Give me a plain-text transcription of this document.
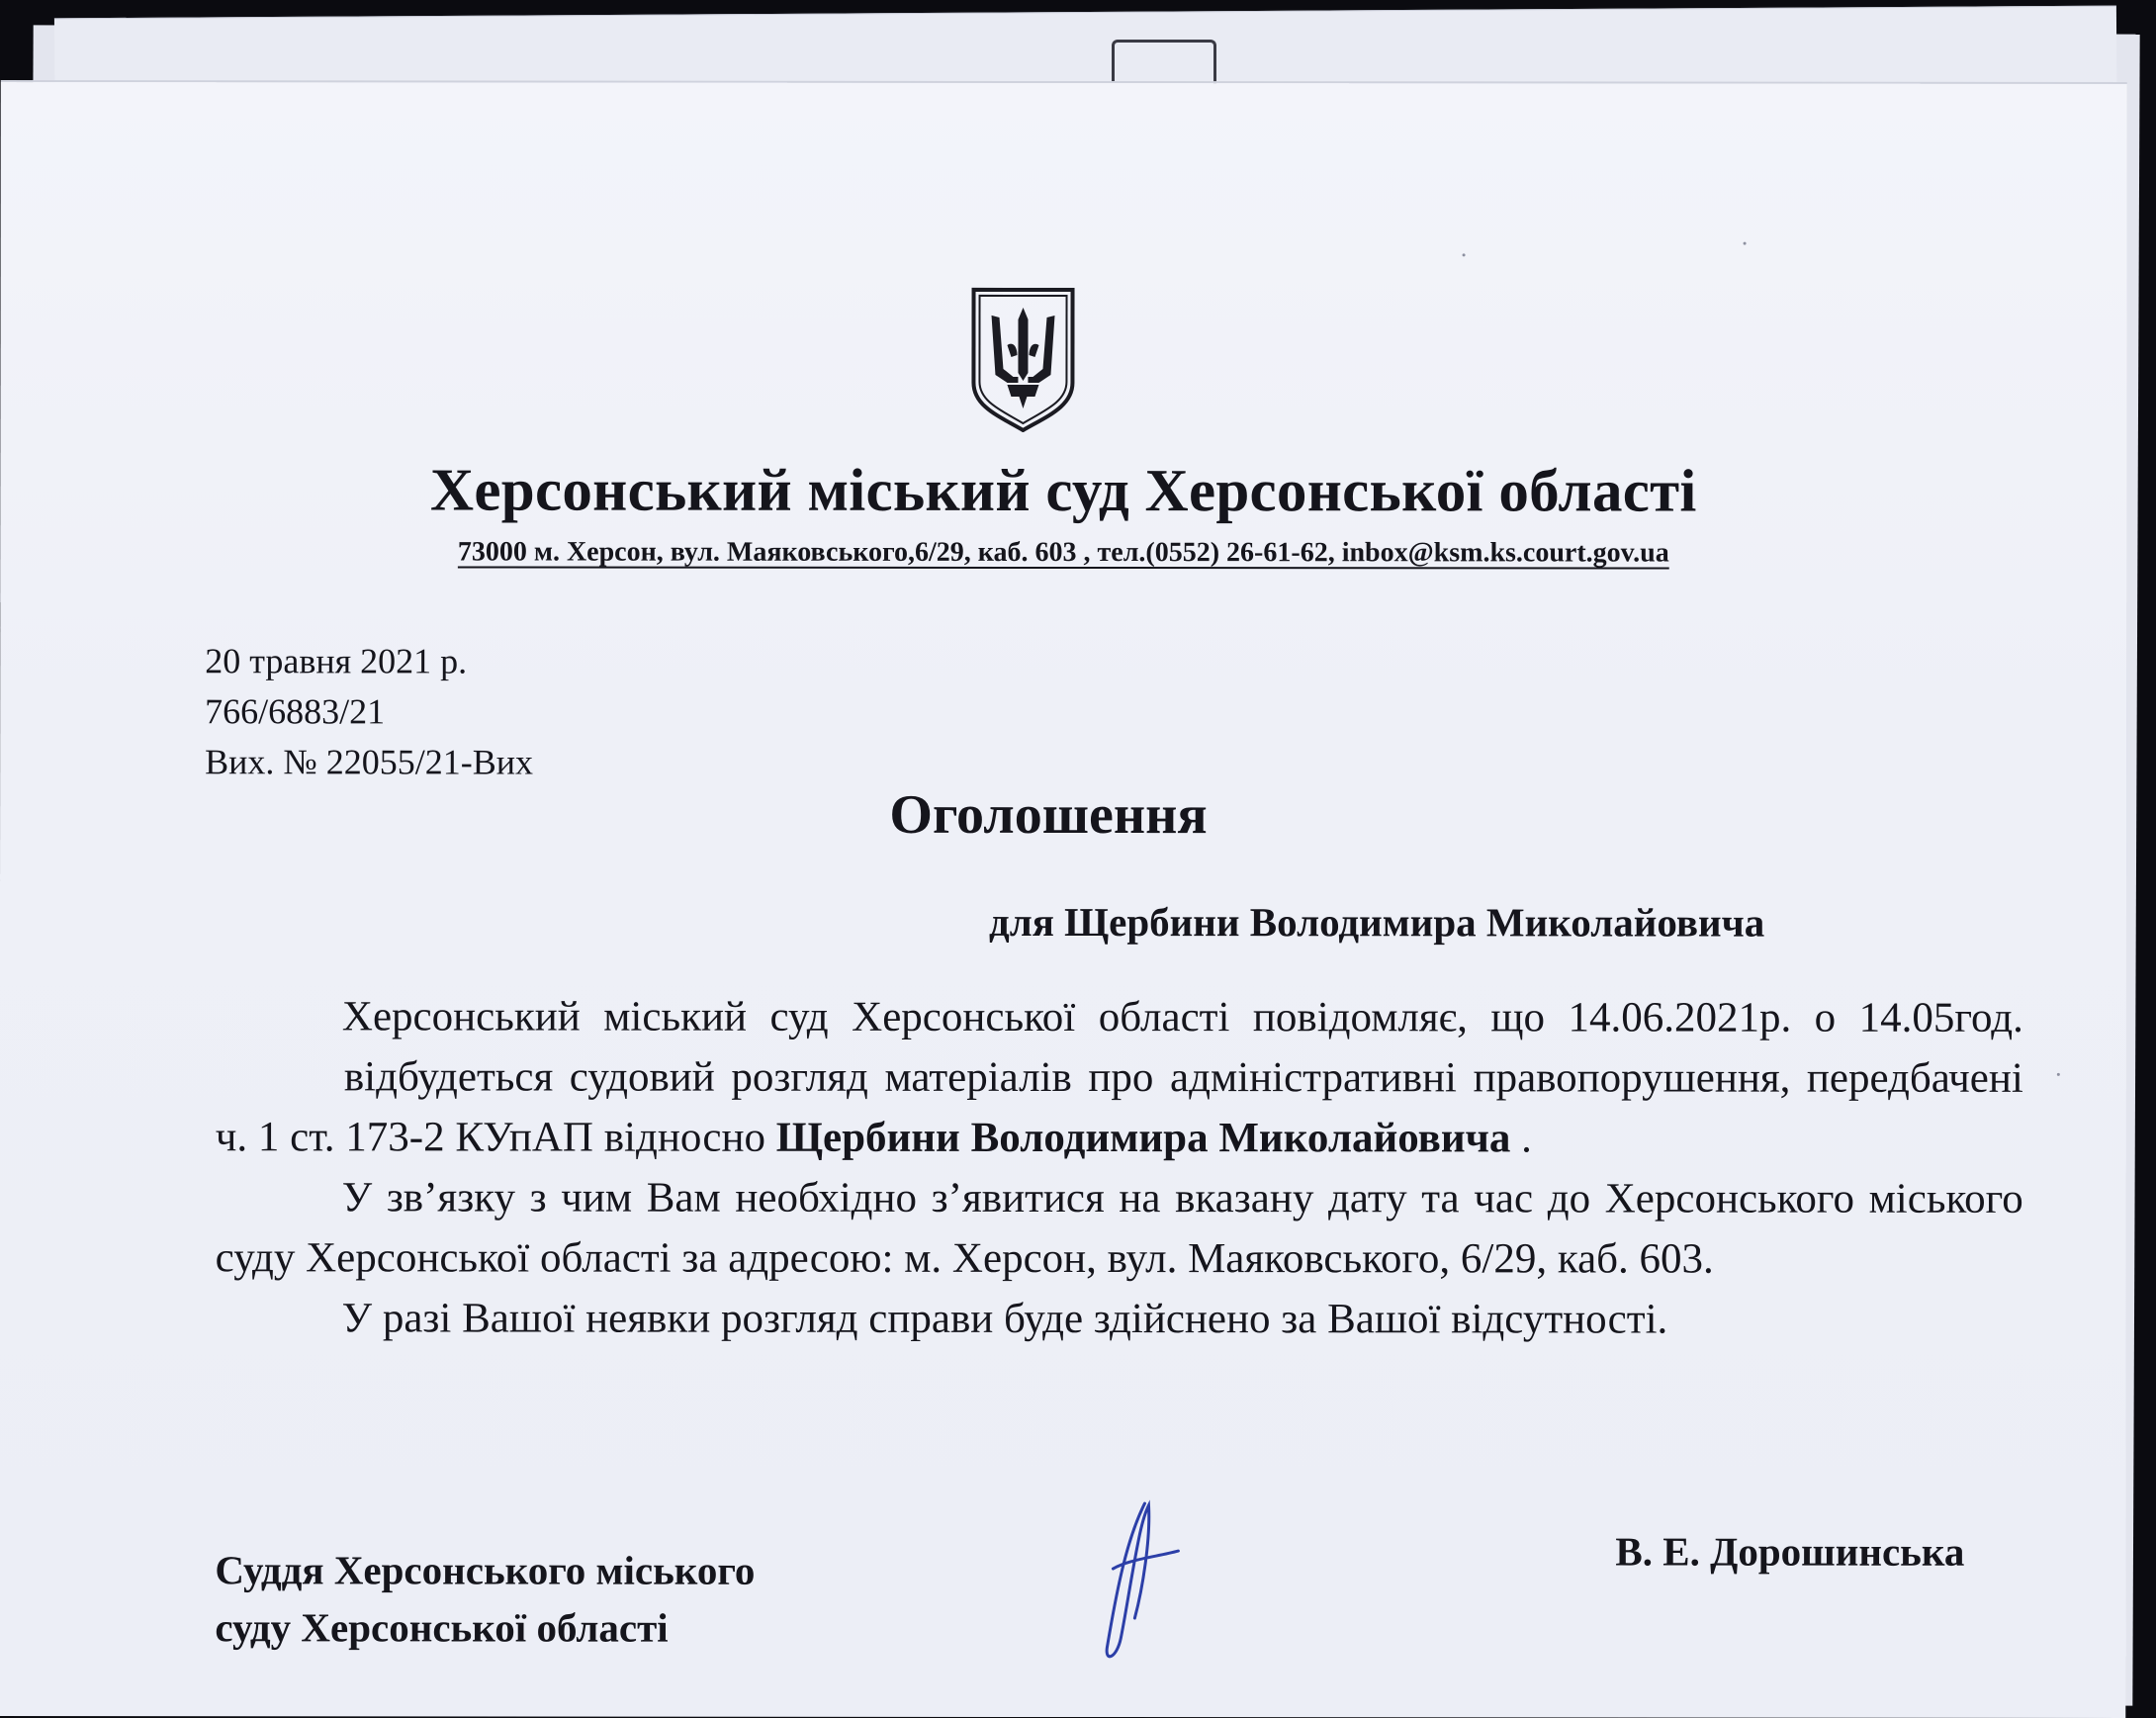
Херсонський міський суд Херсонської області
73000 м. Херсон, вул. Маяковського,6/29, каб. 603 , тел.(0552) 26-61-62, inbox@ksm.ks.court.gov.ua
20 травня 2021 р.
766/6883/21
Вих. № 22055/21-Вих
Оголошення
для Щербини Володимира Миколайовича

Херсонський міський суд Херсонської області повідомляє, що 14.06.2021р. о 14.05год.відбудеться судовий розгляд матеріалів про адміністративні правопорушення, передбачені ч. 1 ст. 173-2 КУпАП відносно Щербини Володимира Миколайовича .

У зв’язку з чим Вам необхідно з’явитися на вказану дату та час до Херсонського міського суду Херсонської області за адресою: м. Херсон, вул. Маяковського, 6/29, каб. 603.

У разі Вашої неявки розгляд справи буде здійснено за Вашої відсутності.

Суддя Херсонського міського
суду Херсонської області
В. Е. Дорошинська
